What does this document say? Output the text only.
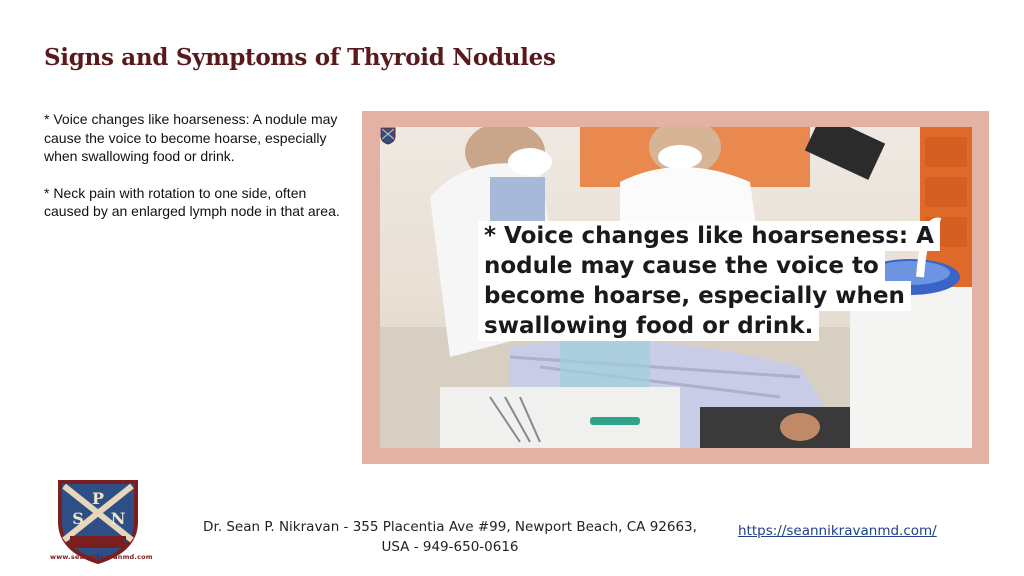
Signs and Symptoms of Thyroid Nodules

* Voice changes like hoarseness: A nodule may cause the voice to become hoarse, especially when swallowing food or drink.

* Neck pain with rotation to one side, often caused by an enlarged lymph node in that area.

* Voice changes like hoarseness: A
nodule may cause the voice to
become hoarse, especially when
swallowing food or drink.
P
S N
www.seannikravanmd.com
Dr. Sean P. Nikravan - 355 Placentia Ave #99, Newport Beach, CA 92663,
USA - 949-650-0616
https://seannikravanmd.com/
